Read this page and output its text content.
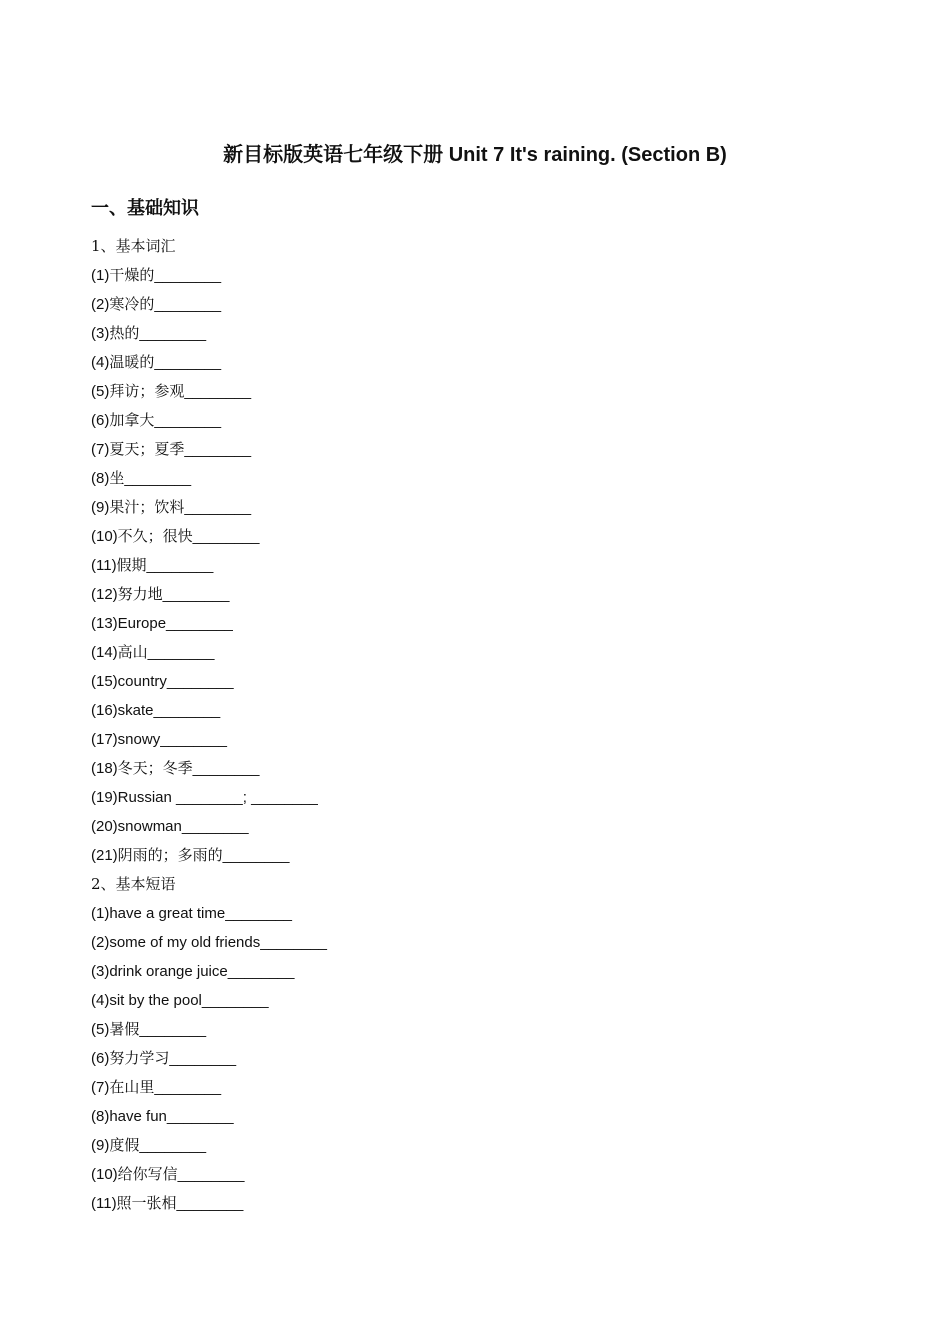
新目标版英语七年级下册 Unit 7 It's raining. (Section B)
一、基础知识
1、基本词汇
(1)干燥的________
(2)寒冷的________
(3)热的________
(4)温暖的________
(5)拜访；参观________
(6)加拿大________
(7)夏天；夏季________
(8)坐________
(9)果汁；饮料________
(10)不久；很快________
(11)假期________
(12)努力地________
(13)Europe________
(14)高山________
(15)country________
(16)skate________
(17)snowy________
(18)冬天；冬季________
(19)Russian ________; ________
(20)snowman________
(21)阴雨的；多雨的________
2、基本短语
(1)have a great time________
(2)some of my old friends________
(3)drink orange juice________
(4)sit by the pool________
(5)暑假________
(6)努力学习________
(7)在山里________
(8)have fun________
(9)度假________
(10)给你写信________
(11)照一张相________
